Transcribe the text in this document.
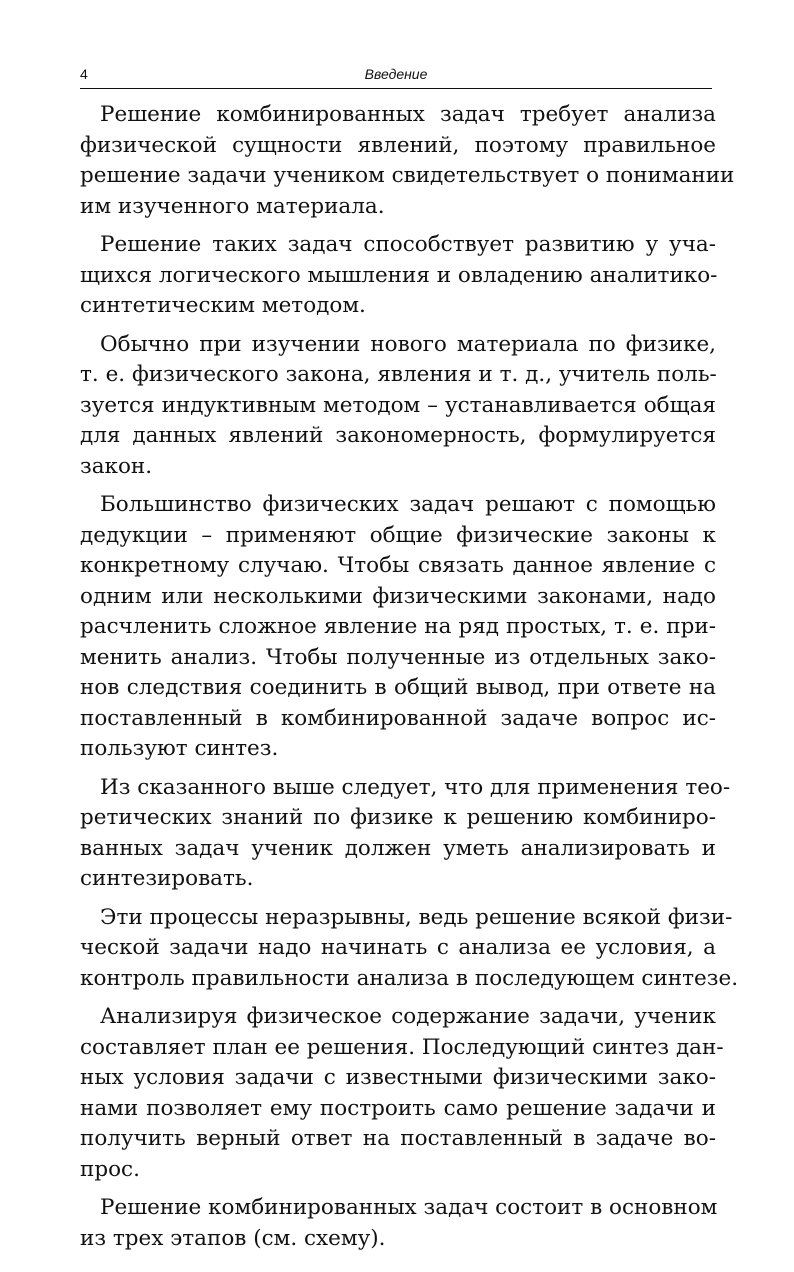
4	Введение
Решение комбинированных задач требует анализа
физической сущности явлений, поэтому правильное
решение задачи учеником свидетельствует о понимании
им изученного материала.
Решение таких задач способствует развитию у уча-
щихся логического мышления и овладению аналитико-
синтетическим методом.
Обычно при изучении нового материала по физике,
т. е. физического закона, явления и т. д., учитель поль-
зуется индуктивным методом – устанавливается общая
для данных явлений закономерность, формулируется
закон.
Большинство физических задач решают с помощью
дедукции – применяют общие физические законы к
конкретному случаю. Чтобы связать данное явление с
одним или несколькими физическими законами, надо
расчленить сложное явление на ряд простых, т. е. при-
менить анализ. Чтобы полученные из отдельных зако-
нов следствия соединить в общий вывод, при ответе на
поставленный в комбинированной задаче вопрос ис-
пользуют синтез.
Из сказанного выше следует, что для применения тео-
ретических знаний по физике к решению комбиниро-
ванных задач ученик должен уметь анализировать и
синтезировать.
Эти процессы неразрывны, ведь решение всякой физи-
ческой задачи надо начинать с анализа ее условия, а
контроль правильности анализа в последующем синтезе.
Анализируя физическое содержание задачи, ученик
составляет план ее решения. Последующий синтез дан-
ных условия задачи с известными физическими зако-
нами позволяет ему построить само решение задачи и
получить верный ответ на поставленный в задаче во-
прос.
Решение комбинированных задач состоит в основном
из трех этапов (см. схему).
